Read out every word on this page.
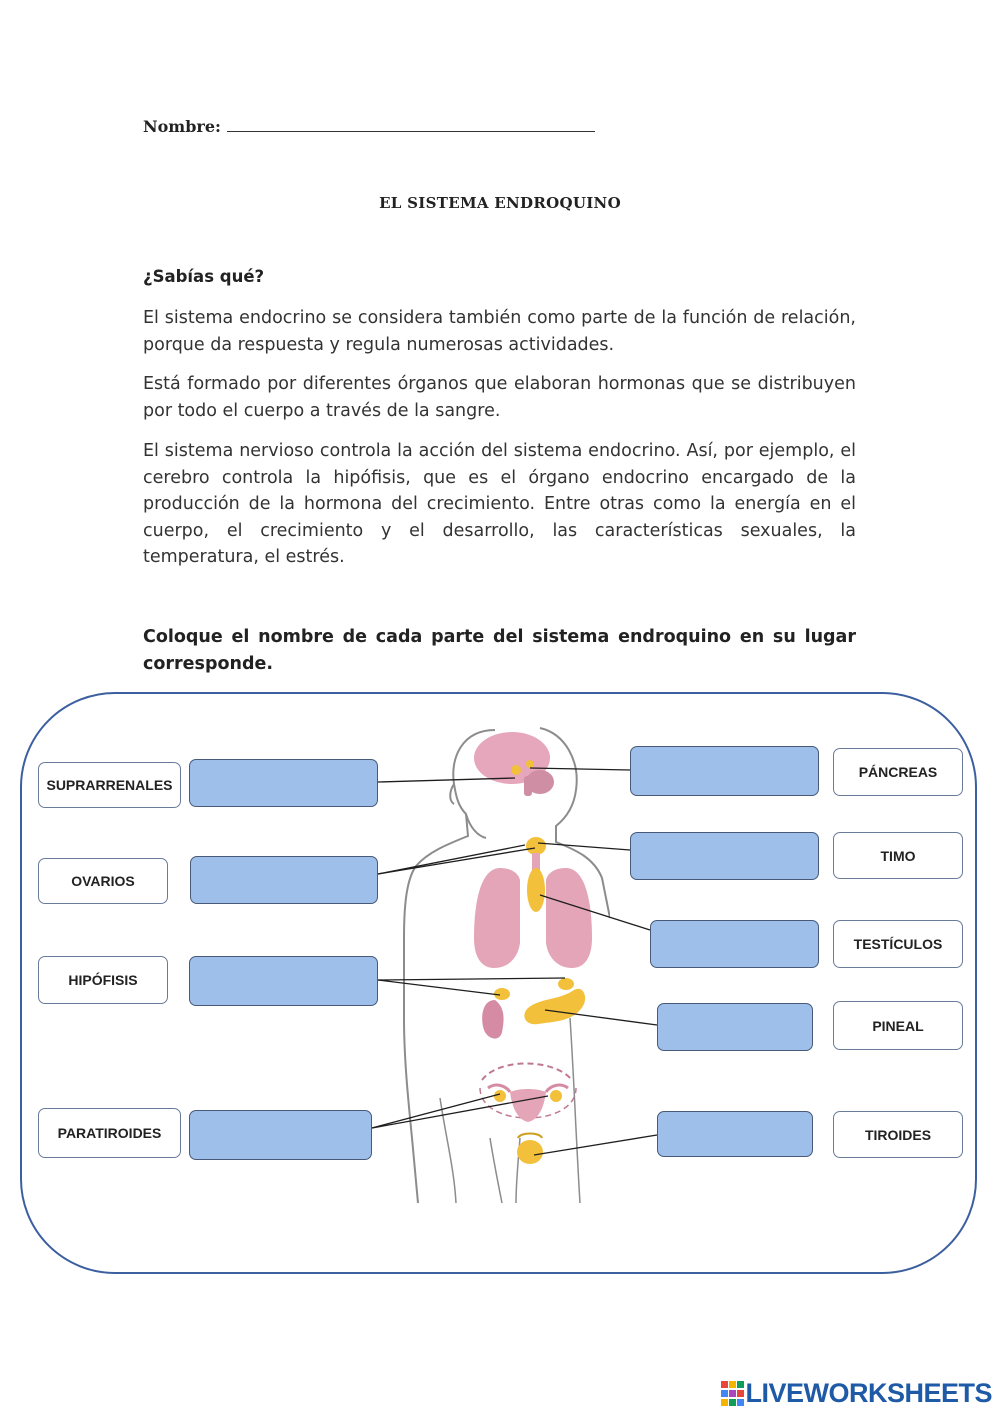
Nombre:
EL SISTEMA ENDROQUINO
¿Sabías qué?

El sistema endocrino se considera también como parte de la función de relación, porque da respuesta y regula numerosas actividades.

Está formado por diferentes órganos que elaboran hormonas que se distribuyen por todo el cuerpo a través de la sangre.

El sistema nervioso controla la acción del sistema endocrino. Así, por ejemplo, el cerebro controla la hipófisis, que es el órgano endocrino encargado de la producción de la hormona del crecimiento. Entre otras como la energía en el cuerpo, el crecimiento y el desarrollo, las características sexuales, la temperatura, el estrés.

Coloque el nombre de cada parte del sistema endroquino en su lugar corresponde.

SUPRARRENALES
OVARIOS
HIPÓFISIS
PARATIROIDES
PÁNCREAS
TIMO
TESTÍCULOS
PINEAL
TIROIDES
LIVEWORKSHEETS
